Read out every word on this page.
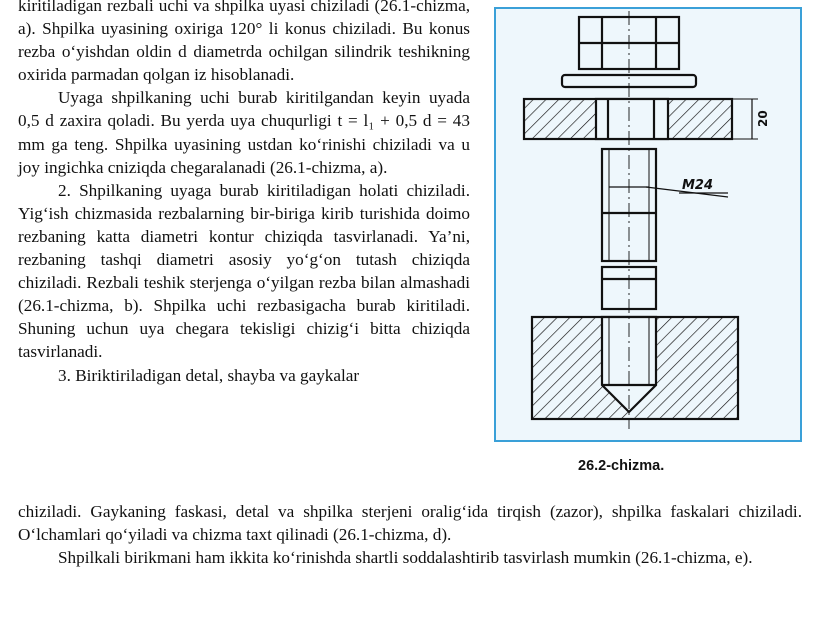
kiritiladigan rezbali uchi va shpilka uyasi chiziladi (26.1-chizma, a). Shpilka uyasining oxiriga 120° li konus chiziladi. Bu konus rezba o‘yishdan oldin d diametrda ochilgan silindrik teshikning oxirida parmadan qolgan iz hisoblanadi.

Uyaga shpilkaning uchi burab kiritilgandan keyin uyada 0,5 d zaxira qoladi. Bu yerda uya chuqurligi t = l₁ + 0,5 d = 43 mm ga teng. Shpilka uyasining ustdan ko‘rinishi chiziladi va u joy ingichka cniziqda chegaralanadi (26.1-chizma, a).

2. Shpilkaning uyaga burab kiritiladigan holati chiziladi. Yig‘ish chizmasida rezbalarning bir-biriga kirib turishida doimo rezbaning katta diametri kontur chiziqda tasvirlanadi. Ya’ni, rezbaning tashqi diametri asosiy yo‘g‘on tutash chiziqda chiziladi. Rezbali teshik sterjenga o‘yilgan rezba bilan almashadi (26.1-chizma, b). Shpilka uchi rezbasigacha burab kiritiladi. Shuning uchun uya chegara tekisligi chizig‘i bitta chiziqda tasvirlanadi.

3. Biriktiriladigan detal, shayba va gaykalar

chiziladi. Gaykaning faskasi, detal va shpilka sterjeni oralig‘ida tirqish (zazor), shpilka faskalari chiziladi. O‘lchamlari qo‘yiladi va chizma taxt qilinadi (26.1-chizma, d).

Shpilkali birikmani ham ikkita ko‘rinishda shartli soddalashtirib tasvirlash mumkin (26.1-chizma, e).

M24
20
26.2-chizma.
